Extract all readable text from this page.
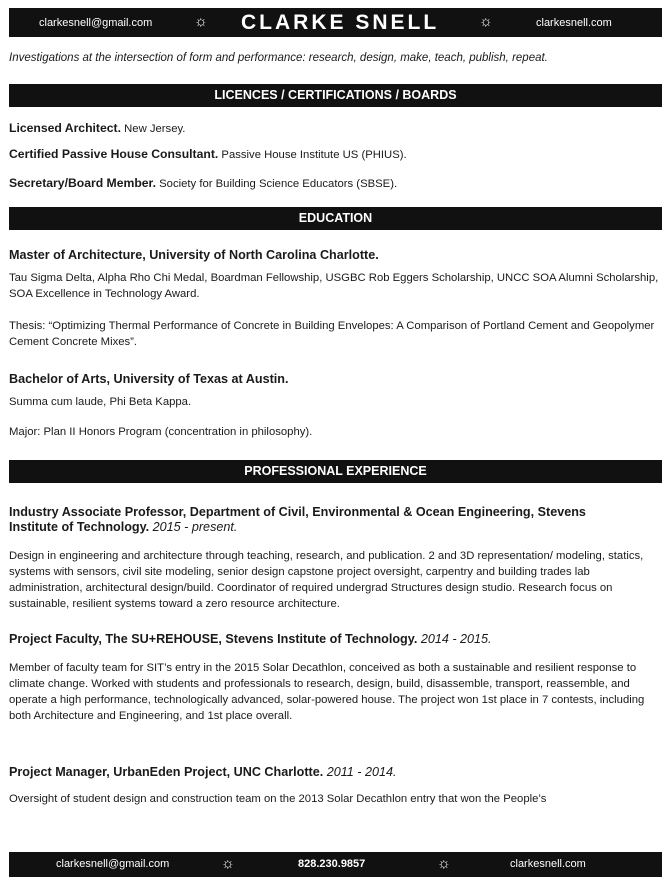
clarkesnell@gmail.com	☼ CLARKE SNELL	☼	clarkesnell.com
Investigations at the intersection of form and performance: research, design, make, teach, publish, repeat.
LICENCES / CERTIFICATIONS / BOARDS
Licensed Architect. New Jersey.
Certified Passive House Consultant. Passive House Institute US (PHIUS).
Secretary/Board Member. Society for Building Science Educators (SBSE).
EDUCATION
Master of Architecture, University of North Carolina Charlotte.
Tau Sigma Delta, Alpha Rho Chi Medal, Boardman Fellowship, USGBC Rob Eggers Scholarship, UNCC SOA Alumni Scholarship, SOA Excellence in Technology Award.
Thesis: “Optimizing Thermal Performance of Concrete in Building Envelopes: A Comparison of Portland Cement and Geopolymer Cement Concrete Mixes”.
Bachelor of Arts, University of Texas at Austin.
Summa cum laude, Phi Beta Kappa.
Major: Plan II Honors Program (concentration in philosophy).
PROFESSIONAL EXPERIENCE
Industry Associate Professor, Department of Civil, Environmental & Ocean Engineering, Stevens Institute of Technology. 2015 - present.
Design in engineering and architecture through teaching, research, and publication. 2 and 3D representation/ modeling, statics, systems with sensors, civil site modeling, senior design capstone project oversight, carpentry and building trades lab administration, architectural design/build. Coordinator of required undergrad Structures design studio. Research focus on sustainable, resilient systems toward a zero resource architecture.
Project Faculty, The SU+REHOUSE, Stevens Institute of Technology. 2014 - 2015.
Member of faculty team for SIT’s entry in the 2015 Solar Decathlon, conceived as both a sustainable and resilient response to climate change. Worked with students and professionals to research, design, build, disassemble, transport, reassemble, and operate a high performance, technologically advanced, solar-powered house. The project won 1st place in 7 contests, including both Architecture and Engineering, and 1st place overall.
Project Manager, UrbanEden Project, UNC Charlotte. 2011 - 2014.
Oversight of student design and construction team on the 2013 Solar Decathlon entry that won the People’s
clarkesnell@gmail.com	☼	828.230.9857	☼	clarkesnell.com
